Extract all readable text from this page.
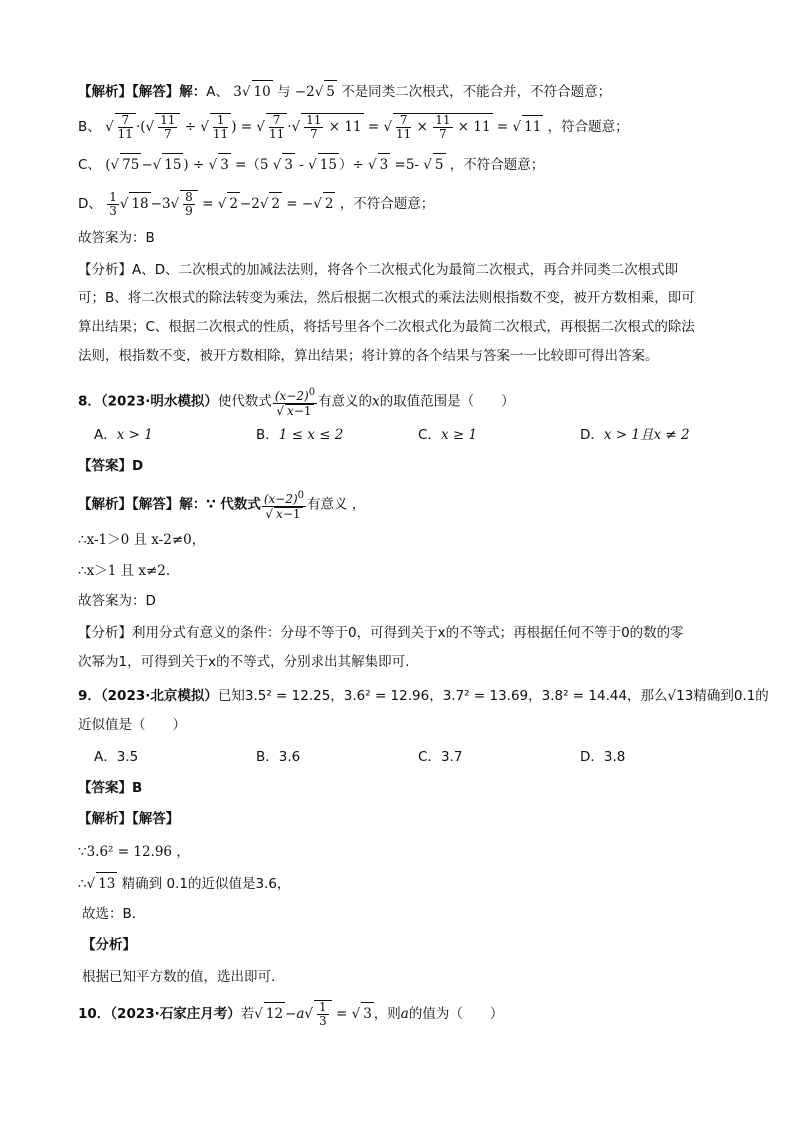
【解析】【解答】解：A、 3√ 10 与 −2√ 5 不是同类二次根式，不能合并，不符合题意；
B、 √ $\frac{7}{11}$ ·(√ $\frac{11}{7}$ ÷ √ $\frac{1}{11}$ ) = √ $\frac{7}{11}$ ·√ $\frac{11}{7} \times 11$ = √ $\frac{7}{11} \times \frac{11}{7} \times 11$ = √ 11 ，符合题意；
C、 (√ 75 −√ 15 ) ÷ √ 3 =（5 √ 3 - √ 15 ）÷ √ 3 =5- √ 5 ，不符合题意；
D、 $\frac{1}{3}$ √ $18 -3√ \frac{8}{9}$ = √ 2 −2√ 2 = −√ 2 ，不符合题意；
故答案为：B
【分析】A、D、二次根式的加减法法则，将各个二次根式化为最简二次根式，再合并同类二次根式即
可；B、将二次根式的除法转变为乘法，然后根据二次根式的乘法法则根指数不变，被开方数相乘，即可
算出结果；C、根据二次根式的性质，将括号里各个二次根式化为最简二次根式，再根据二次根式的除法
法则，根指数不变，被开方数相除，算出结果；将计算的各个结果与答案一一比较即可得出答案。
8．（2023·明水模拟）使代数式 $\frac{(x-2)^0}{√ x-1}$ 有意义的x的取值范围是（　　）
A．x > 1	B．1 ≤ x ≤ 2	C．x ≥ 1	D．x > 1且x ≠ 2
【答案】D
【解析】【解答】解：∵ 代数式 $\frac{(x-2)^0}{√ x-1}$ 有意义 ，
∴x-1＞0 且 x-2≠0，
∴x＞1 且 x≠2.
故答案为：D
【分析】利用分式有意义的条件：分母不等于0，可得到关于x的不等式；再根据任何不等于0的数的零
次幂为1，可得到关于x的不等式，分别求出其解集即可.
9．（2023·北京模拟）已知3.5² = 12.25，3.6² = 12.96，3.7² = 13.69，3.8² = 14.44，那么√13精确到0.1的
近似值是（　　）
A．3.5	B．3.6	C．3.7	D．3.8
【答案】B
【解析】【解答】
∵3.6² = 12.96 ，
∴√ 13 精确到 0.1的近似值是3.6，
故选：B．
【分析】
根据已知平方数的值，选出即可．
10．（2023·石家庄月考）若√ $12 -a√ \frac{1}{3}$ = √ 3 ，则a的值为（　　）
